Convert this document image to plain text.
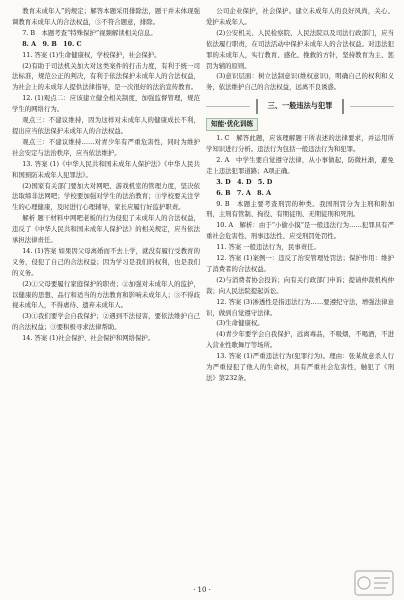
教育未成年人”的规定；解答本题采用排除法，题干并未体现强调教育未成年人的合法权益，③不符合题意，排除。

7. B　本题考查“特殊保护”视频解读相关信息。

8. A　9. B　10. C

11. 答案 (1)生命健康权，学校保护，社会保护。

(2)有助于司法机关加大对这类案件的打击力度，有利于统一司法标准，规范公正的判决，有利于依法保护未成年人的合法权益，为社会上的未成年人提供法律指导，是一次很好的法治宣传教育。

12. (1)观点二：应该建立健全相关制度，加强监督管理，规范学生的网络行为。

观点三：不建议维持，因为这样对未成年人的健康成长不利，提出应当依法保护未成年人的合法权益。

观点三：不建议维持……对青少年有严重危害性，同时为维护社会安定与法治秩序，应当依法维护。

13. 答案 (1)《中华人民共和国未成年人保护法》《中华人民共和国预防未成年人犯罪法》。

(2)国家有关部门要加大对网吧、游戏机室的管理力度，坚决依法取缔非法网吧；学校要加强对学生的法治教育；③学校要关注学生的心理健康，及时进行心理辅导，家长应履行好监护职责。

解析 题干材料中网吧老板的行为侵犯了未成年人的合法权益，违反了《中华人民共和国未成年人保护法》的相关规定，应当依法承担法律责任。

14. (1)答案 如果因父母离婚而不去上学，就没有履行受教育的义务，侵犯了自己的合法权益；因为学习是我们的权利，也是我们的义务。

(2)①父母要履行家庭保护的职责；②加强对未成年人的监护，以健康的思想、品行和适当的方法教育和影响未成年人；③不得歧视未成年人，不得虐待、遗弃未成年人。

(3)①我们要学会自我保护；②遇到不法侵害，要依法维护自己的合法权益；③要积极寻求法律帮助。

14. 答案 (1)社会保护、社会保护和网络保护。

公司企业保护，社会保护。建立未成年人的良好风尚，关心、爱护未成年人。

(2)公安机关、人民检察院、人民法院以及司法行政部门，应当依法履行职责，在司法活动中保护未成年人的合法权益。对违法犯罪的未成年人，实行教育、感化、挽救的方针，坚持教育为主、惩罚为辅的原则。

(3)意识层面：树立法制意识(维权意识)，明确自己的权利和义务，依法维护自己的合法权益，远离不良诱惑。

三、一般违法与犯罪
知能·优化训练

1. C　解答此题，应该理解题干所表述的法律要求，并运用所学知识进行分析。违法行为包括一般违法行为和犯罪。

2. A　中学生要自觉遵守法律，从小事做起，防微杜渐，避免走上违法犯罪道路；A项正确。

3. D　4. D　5. D

6. B　7. A　8. A

9. B　本题主要考查刑罚的种类。我国刑罚分为主刑和附加刑，主刑有管制、拘役、有期徒刑、无期徒刑和死刑。

10. A　解析：由于“小偷小摸”是一般违法行为……犯罪具有严重社会危害性、刑事违法性、应受刑罚处罚性。

11. 答案 一般违法行为，民事责任。

12. 答案 (1)案例一：违反了治安管理处罚法；保护作用：维护了消费者的合法权益。

(2)与消费者协会投诉；向有关行政部门申诉；提请仲裁机构仲裁；向人民法院提起诉讼。

12. 答案 (3)渗透性是指违法行为……要遵纪守法，增强法律意识，做到自觉遵守法律。

(3)生命健康权。

(4)青少年要学会自我保护，远离毒品，不吸烟，不喝酒，不进入营业性歌舞厅等场所。

13. 答案 (1)严重违法行为(犯罪行为)。理由：张某故意杀人行为严重侵犯了他人的生命权，具有严重社会危害性，触犯了《刑法》第232条。

· 10 ·
